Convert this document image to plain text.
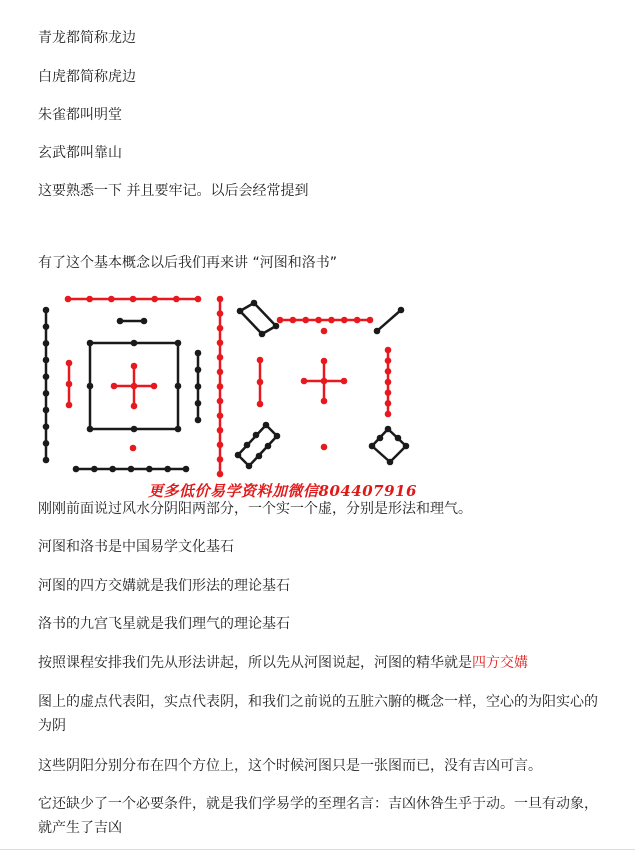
青龙都简称龙边
白虎都简称虎边
朱雀都叫明堂
玄武都叫靠山
这要熟悉一下 并且要牢记。以后会经常提到
有了这个基本概念以后我们再来讲 “河图和洛书”
更多低价易学资料加微信804407916
刚刚前面说过风水分阴阳两部分，一个实一个虚，分别是形法和理气。
河图和洛书是中国易学文化基石
河图的四方交媾就是我们形法的理论基石
洛书的九宫飞星就是我们理气的理论基石
按照课程安排我们先从形法讲起，所以先从河图说起，河图的精华就是四方交媾
图上的虚点代表阳，实点代表阴，和我们之前说的五脏六腑的概念一样，空心的为阳实心的为阴
这些阴阳分别分布在四个方位上，这个时候河图只是一张图而已，没有吉凶可言。
它还缺少了一个必要条件，就是我们学易学的至理名言：吉凶休咎生乎于动。一旦有动象，就产生了吉凶
